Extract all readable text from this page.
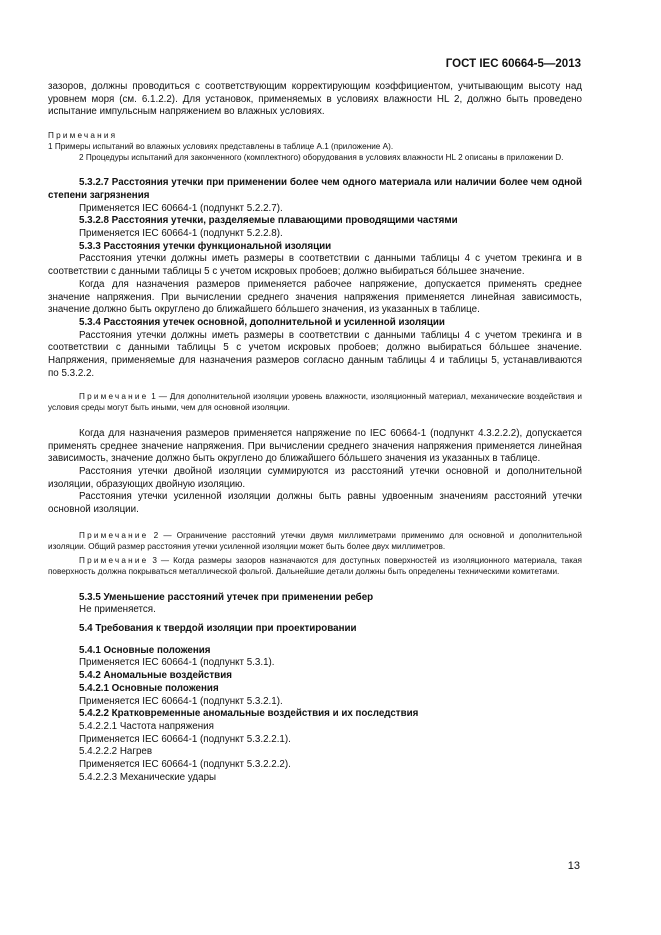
ГОСТ IEC 60664-5—2013

зазоров, должны проводиться с соответствующим корректирующим коэффициентом, учитывающим высоту над уровнем моря (см. 6.1.2.2). Для установок, применяемых в условиях влажности HL 2, должно быть проведено испытание импульсным напряжением во влажных условиях.

Примечания

1 Примеры испытаний во влажных условиях представлены в таблице А.1 (приложение А).

2 Процедуры испытаний для законченного (комплектного) оборудования в условиях влажности HL 2 описаны в приложении D.

5.3.2.7 Расстояния утечки при применении более чем одного материала или наличии более чем одной степени загрязнения

Применяется IEC 60664-1 (подпункт 5.2.2.7).

5.3.2.8 Расстояния утечки, разделяемые плавающими проводящими частями

Применяется IEC 60664-1 (подпункт 5.2.2.8).

5.3.3 Расстояния утечки функциональной изоляции

Расстояния утечки должны иметь размеры в соответствии с данными таблицы 4 с учетом трекинга и в соответствии с данными таблицы 5 с учетом искровых пробоев; должно выбираться бо́льшее значение.

Когда для назначения размеров применяется рабочее напряжение, допускается применять среднее значение напряжения. При вычислении среднего значения напряжения применяется линейная зависимость, значение должно быть округлено до ближайшего бо́льшего значения, из указанных в таблице.

5.3.4 Расстояния утечек основной, дополнительной и усиленной изоляции

Расстояния утечки должны иметь размеры в соответствии с данными таблицы 4 с учетом трекинга и в соответствии с данными таблицы 5 с учетом искровых пробоев; должно выбираться бо́льшее значение. Напряжения, применяемые для назначения размеров согласно данным таблицы 4 и таблицы 5, устанавливаются по 5.3.2.2.

Примечание 1 — Для дополнительной изоляции уровень влажности, изоляционный материал, механические воздействия и условия среды могут быть иными, чем для основной изоляции.

Когда для назначения размеров применяется напряжение по IEC 60664-1 (подпункт 4.3.2.2.2), допускается применять среднее значение напряжения. При вычислении среднего значения напряжения применяется линейная зависимость, значение должно быть округлено до ближайшего бо́льшего значения из указанных в таблице.

Расстояния утечки двойной изоляции суммируются из расстояний утечки основной и дополнительной изоляции, образующих двойную изоляцию.

Расстояния утечки усиленной изоляции должны быть равны удвоенным значениям расстояний утечки основной изоляции.

Примечание 2 — Ограничение расстояний утечки двумя миллиметрами применимо для основной и дополнительной изоляции. Общий размер расстояния утечки усиленной изоляции может быть более двух миллиметров.

Примечание 3 — Когда размеры зазоров назначаются для доступных поверхностей из изоляционного материала, такая поверхность должна покрываться металлической фольгой. Дальнейшие детали должны быть определены техническими комитетами.

5.3.5 Уменьшение расстояний утечек при применении ребер

Не применяется.

5.4 Требования к твердой изоляции при проектировании

5.4.1 Основные положения

Применяется IEC 60664-1 (подпункт 5.3.1).

5.4.2 Аномальные воздействия

5.4.2.1 Основные положения

Применяется IEC 60664-1 (подпункт 5.3.2.1).

5.4.2.2 Кратковременные аномальные воздействия и их последствия

5.4.2.2.1 Частота напряжения

Применяется IEC 60664-1 (подпункт 5.3.2.2.1).

5.4.2.2.2 Нагрев

Применяется IEC 60664-1 (подпункт 5.3.2.2.2).

5.4.2.2.3 Механические удары

13
